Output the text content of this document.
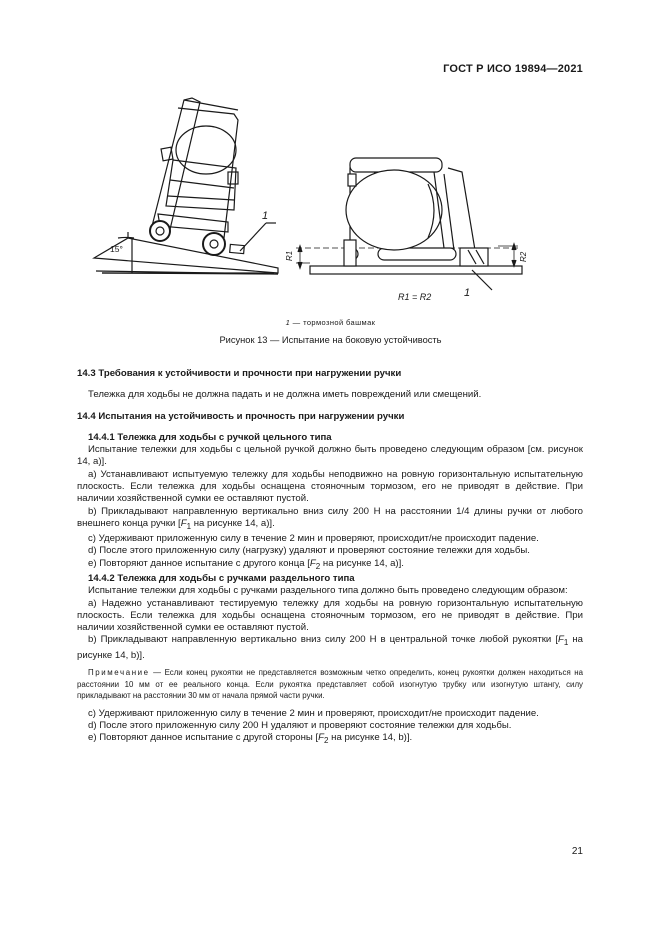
ГОСТ Р ИСО 19894—2021
15°
1
R1	R2
R1 = R2	1
1 — тормозной башмак
Рисунок 13 — Испытание на боковую устойчивость

14.3 Требования к устойчивости и прочности при нагружении ручки

Тележка для ходьбы не должна падать и не должна иметь повреждений или смещений.

14.4 Испытания на устойчивость и прочность при нагружении ручки

14.4.1 Тележка для ходьбы с ручкой цельного типа

Испытание тележки для ходьбы с цельной ручкой должно быть проведено следующим образом [см. рисунок 14, а)].

а) Устанавливают испытуемую тележку для ходьбы неподвижно на ровную горизонтальную испытательную плоскость. Если тележка для ходьбы оснащена стояночным тормозом, его не приводят в действие. При наличии хозяйственной сумки ее оставляют пустой.

b) Прикладывают направленную вертикально вниз силу 200 Н на расстоянии 1/4 длины ручки от любого внешнего конца ручки [$F_1$ на рисунке 14, а)].

с) Удерживают приложенную силу в течение 2 мин и проверяют, происходит/не происходит падение.

d) После этого приложенную силу (нагрузку) удаляют и проверяют состояние тележки для ходьбы.

е) Повторяют данное испытание с другого конца [$F_2$ на рисунке 14, а)].

14.4.2 Тележка для ходьбы с ручками раздельного типа

Испытание тележки для ходьбы с ручками раздельного типа должно быть проведено следующим образом:

а) Надежно устанавливают тестируемую тележку для ходьбы на ровную горизонтальную испытательную плоскость. Если тележка для ходьбы оснащена стояночным тормозом, его не приводят в действие. При наличии хозяйственной сумки ее оставляют пустой.

b) Прикладывают направленную вертикально вниз силу 200 Н в центральной точке любой рукоятки [$F_1$ на рисунке 14, b)].

Примечание — Если конец рукоятки не представляется возможным четко определить, конец рукоятки должен находиться на расстоянии 10 мм от ее реального конца. Если рукоятка представляет собой изогнутую трубку или изогнутую штангу, силу прикладывают на расстоянии 30 мм от начала прямой части ручки.

с) Удерживают приложенную силу в течение 2 мин и проверяют, происходит/не происходит падение.

d) После этого приложенную силу 200 Н удаляют и проверяют состояние тележки для ходьбы.

е) Повторяют данное испытание с другой стороны [$F_2$ на рисунке 14, b)].

21
